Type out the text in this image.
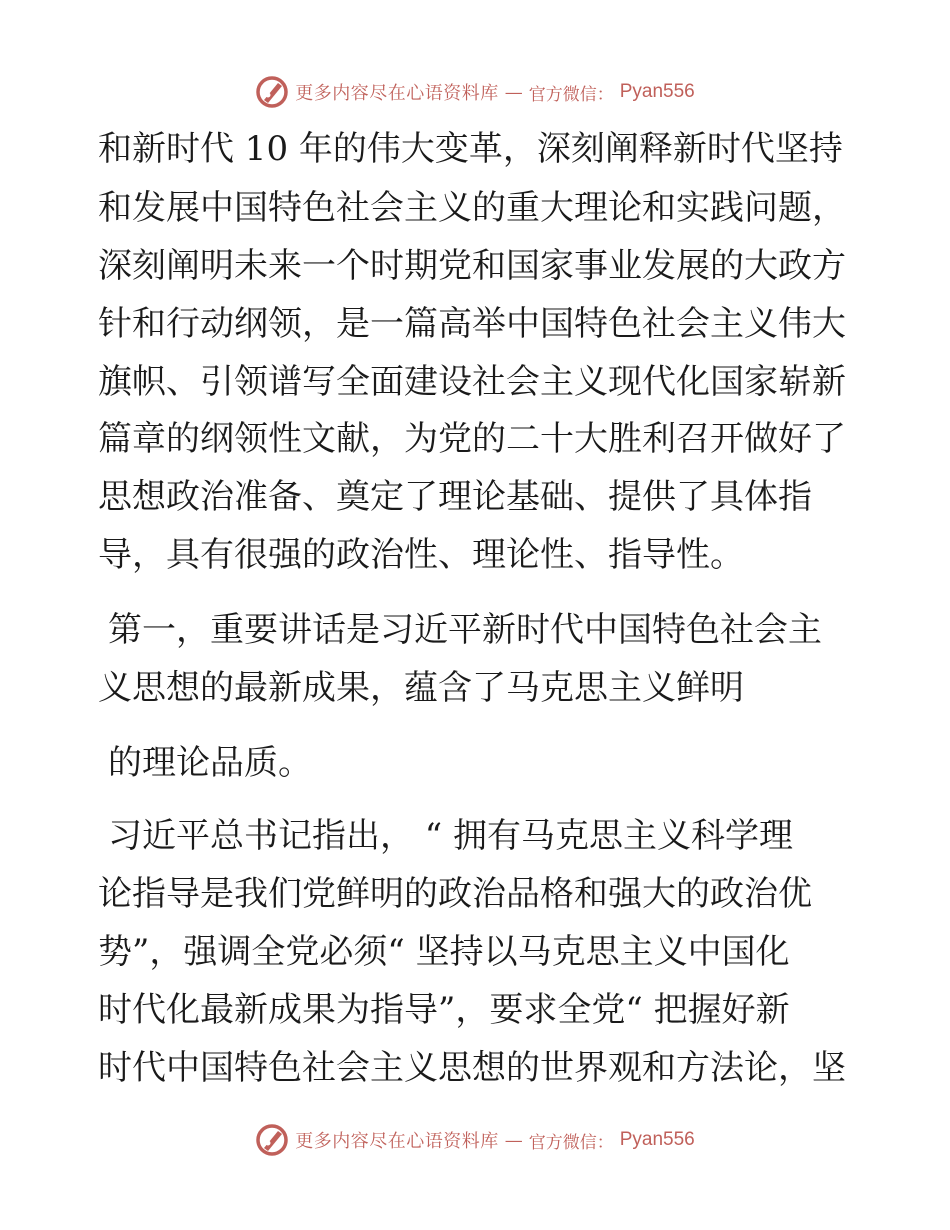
更多内容尽在心语资料库 — 官方微信： Pyan556
和新时代 10 年的伟大变革，深刻阐释新时代坚持
和发展中国特色社会主义的重大理论和实践问题，
深刻阐明未来一个时期党和国家事业发展的大政方
针和行动纲领，是一篇高举中国特色社会主义伟大
旗帜、引领谱写全面建设社会主义现代化国家崭新
篇章的纲领性文献，为党的二十大胜利召开做好了
思想政治准备、奠定了理论基础、提供了具体指
导，具有很强的政治性、理论性、指导性。
第一，重要讲话是习近平新时代中国特色社会主
义思想的最新成果，蕴含了马克思主义鲜明
的理论品质。
习近平总书记指出， “ 拥有马克思主义科学理
论指导是我们党鲜明的政治品格和强大的政治优
势”，强调全党必须“ 坚持以马克思主义中国化
时代化最新成果为指导”，要求全党“ 把握好新
时代中国特色社会主义思想的世界观和方法论，坚
更多内容尽在心语资料库 — 官方微信： Pyan556
